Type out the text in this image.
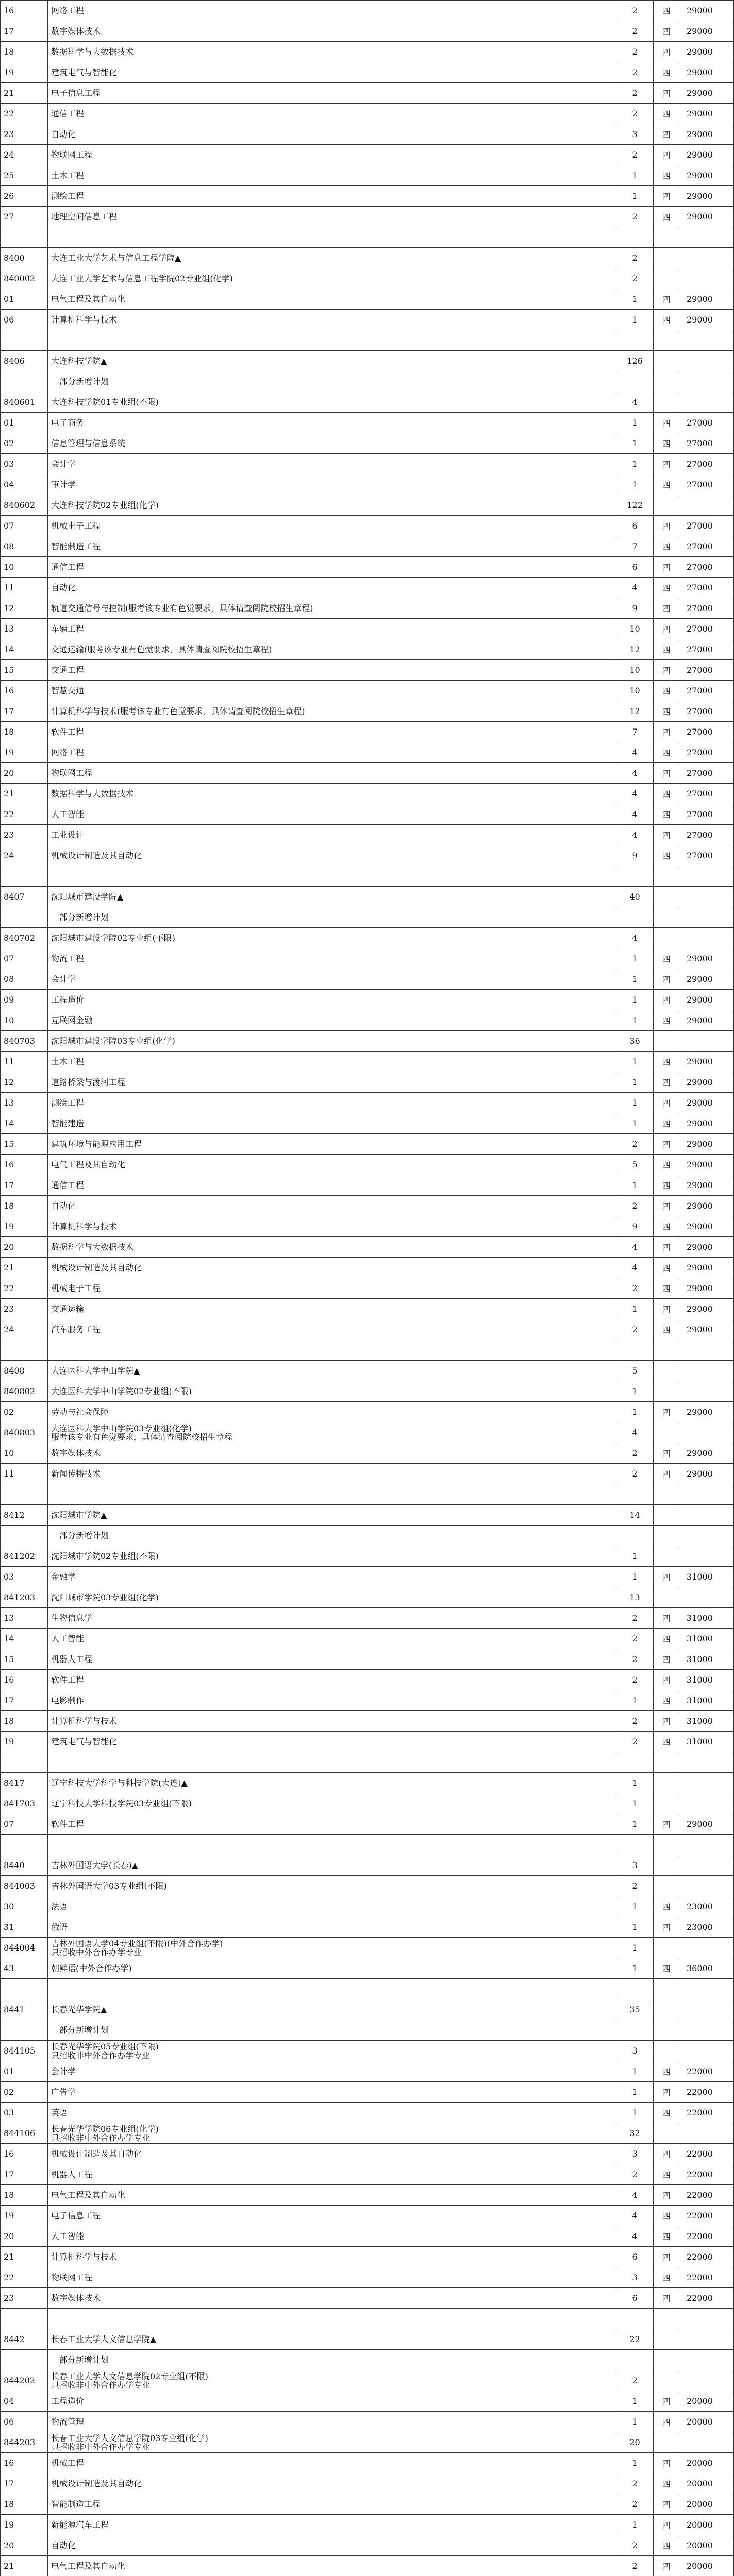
16	网络工程	2	四	29000
17	数字媒体技术	2	四	29000
18	数据科学与大数据技术	2	四	29000
19	建筑电气与智能化	2	四	29000
21	电子信息工程	2	四	29000
22	通信工程	2	四	29000
23	自动化	3	四	29000
24	物联网工程	2	四	29000
25	土木工程	1	四	29000
26	测绘工程	1	四	29000
27	地理空间信息工程	2	四	29000

8400	大连工业大学艺术与信息工程学院▲	2		
840002	大连工业大学艺术与信息工程学院02专业组(化学)	2		
01	电气工程及其自动化	1	四	29000
06	计算机科学与技术	1	四	29000

8406	大连科技学院▲	126		
	　部分新增计划			
840601	大连科技学院01专业组(不限)	4		
01	电子商务	1	四	27000
02	信息管理与信息系统	1	四	27000
03	会计学	1	四	27000
04	审计学	1	四	27000
840602	大连科技学院02专业组(化学)	122		
07	机械电子工程	6	四	27000
08	智能制造工程	7	四	27000
10	通信工程	6	四	27000
11	自动化	4	四	27000
12	轨道交通信号与控制(服考该专业有色觉要求，具体请查阅院校招生章程)	9	四	27000
13	车辆工程	10	四	27000
14	交通运输(服考该专业有色觉要求，具体请查阅院校招生章程)	12	四	27000
15	交通工程	10	四	27000
16	智慧交通	10	四	27000
17	计算机科学与技术(服考该专业有色觉要求，具体请查阅院校招生章程)	12	四	27000
18	软件工程	7	四	27000
19	网络工程	4	四	27000
20	物联网工程	4	四	27000
21	数据科学与大数据技术	4	四	27000
22	人工智能	4	四	27000
23	工业设计	4	四	27000
24	机械设计制造及其自动化	9	四	27000

8407	沈阳城市建设学院▲	40		
	　部分新增计划			
840702	沈阳城市建设学院02专业组(不限)	4		
07	物流工程	1	四	29000
08	会计学	1	四	29000
09	工程造价	1	四	29000
10	互联网金融	1	四	29000
840703	沈阳城市建设学院03专业组(化学)	36		
11	土木工程	1	四	29000
12	道路桥梁与渡河工程	1	四	29000
13	测绘工程	1	四	29000
14	智能建造	1	四	29000
15	建筑环境与能源应用工程	2	四	29000
16	电气工程及其自动化	5	四	29000
17	通信工程	1	四	29000
18	自动化	2	四	29000
19	计算机科学与技术	9	四	29000
20	数据科学与大数据技术	4	四	29000
21	机械设计制造及其自动化	4	四	29000
22	机械电子工程	2	四	29000
23	交通运输	1	四	29000
24	汽车服务工程	2	四	29000

8408	大连医科大学中山学院▲	5		
840802	大连医科大学中山学院02专业组(不限)	1		
02	劳动与社会保障	1	四	29000
840803	大连医科大学中山学院03专业组(化学)
服考该专业有色觉要求，具体请查阅院校招生章程	4		
10	数字媒体技术	2	四	29000
11	新闻传播技术	2	四	29000

8412	沈阳城市学院▲	14		
	　部分新增计划			
841202	沈阳城市学院02专业组(不限)	1		
03	金融学	1	四	31000
841203	沈阳城市学院03专业组(化学)	13		
13	生物信息学	2	四	31000
14	人工智能	2	四	31000
15	机器人工程	2	四	31000
16	软件工程	2	四	31000
17	电影制作	1	四	31000
18	计算机科学与技术	2	四	31000
19	建筑电气与智能化	2	四	31000

8417	辽宁科技大学科学与科技学院(大连)▲	1		
841703	辽宁科技大学科技学院03专业组(不限)	1		
07	软件工程	1	四	29000

8440	吉林外国语大学(长春)▲	3		
844003	吉林外国语大学03专业组(不限)	2		
30	法语	1	四	23000
31	俄语	1	四	23000
844004	吉林外国语大学04专业组(不限)(中外合作办学)
只招收中外合作办学专业	1		
43	朝鲜语(中外合作办学)	1	四	36000

8441	长春光华学院▲	35		
	　部分新增计划			
844105	长春光华学院05专业组(不限)
只招收非中外合作办学专业	3		
01	会计学	1	四	22000
02	广告学	1	四	22000
03	英语	1	四	22000
844106	长春光华学院06专业组(化学)
只招收非中外合作办学专业	32		
16	机械设计制造及其自动化	3	四	22000
17	机器人工程	2	四	22000
18	电气工程及其自动化	4	四	22000
19	电子信息工程	4	四	22000
20	人工智能	4	四	22000
21	计算机科学与技术	6	四	22000
22	物联网工程	3	四	22000
23	数字媒体技术	6	四	22000

8442	长春工业大学人文信息学院▲	22		
	　部分新增计划			
844202	长春工业大学人文信息学院02专业组(不限)
只招收非中外合作办学专业	2		
04	工程造价	1	四	20000
06	物流管理	1	四	20000
844203	长春工业大学人文信息学院03专业组(化学)
只招收非中外合作办学专业	20		
16	机械工程	1	四	20000
17	机械设计制造及其自动化	2	四	20000
18	智能制造工程	2	四	20000
19	新能源汽车工程	1	四	20000
20	自动化	2	四	20000
21	电气工程及其自动化	2	四	20000
